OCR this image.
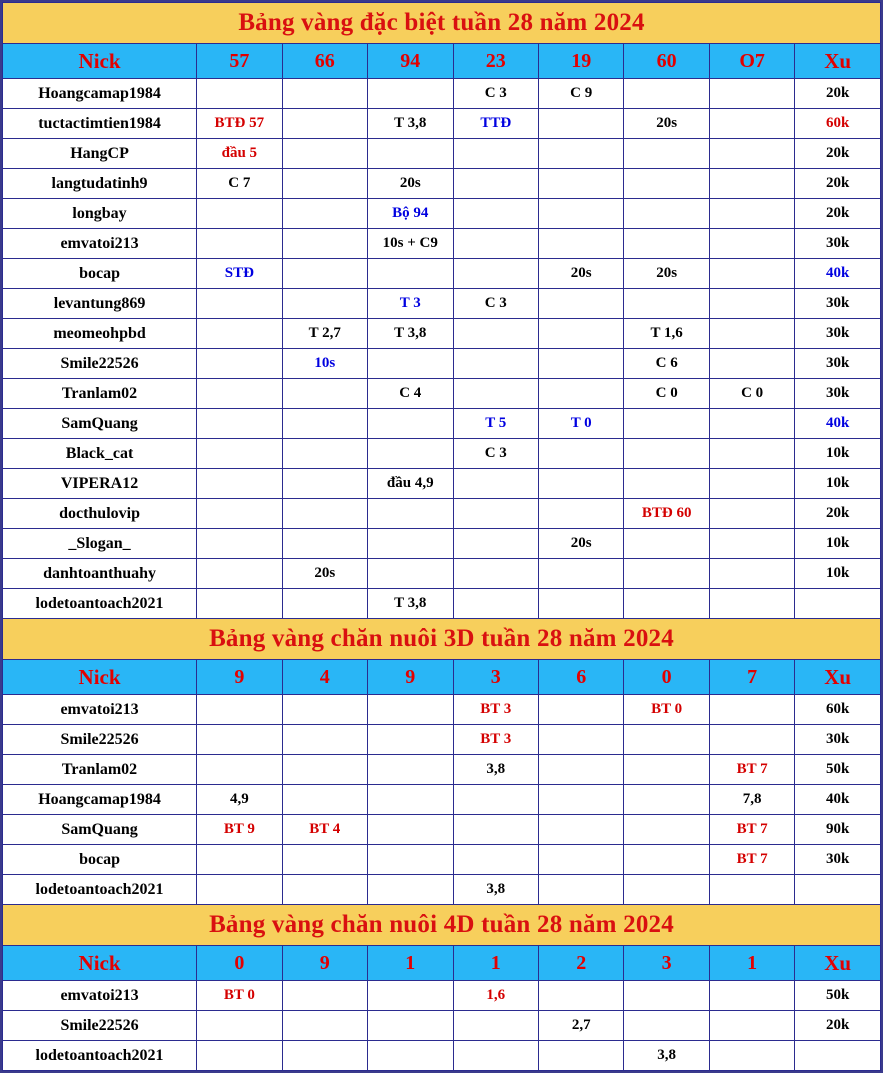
Bảng vàng đặc biệt tuần 28 năm 2024								
Nick	57	66	94	23	19	60	O7	Xu
Hoangcamap1984				C 3	C 9			20k
tuctactimtien1984	BTĐ 57		T 3,8	TTĐ		20s		60k
HangCP	đầu 5							20k
langtudatinh9	C 7		20s					20k
longbay			Bộ 94					20k
emvatoi213			10s + C9					30k
bocap	STĐ				20s	20s		40k
levantung869			T 3	C 3				30k
meomeohpbd		T 2,7	T 3,8			T 1,6		30k
Smile22526		10s				C 6		30k
Tranlam02			C 4			C 0	C 0	30k
SamQuang				T 5	T 0			40k
Black_cat				C 3				10k
VIPERA12			đầu 4,9					10k
docthulovip						BTĐ 60		20k
_Slogan_					20s			10k
danhtoanthuahy		20s						10k
lodetoantoach2021			T 3,8					
Bảng vàng chăn nuôi 3D tuần 28 năm 2024								
Nick	9	4	9	3	6	0	7	Xu
emvatoi213				BT 3		BT 0		60k
Smile22526				BT 3				30k
Tranlam02				3,8			BT 7	50k
Hoangcamap1984	4,9						7,8	40k
SamQuang	BT 9	BT 4					BT 7	90k
bocap							BT 7	30k
lodetoantoach2021				3,8				
Bảng vàng chăn nuôi 4D tuần 28 năm 2024								
Nick	0	9	1	1	2	3	1	Xu
emvatoi213	BT 0			1,6				50k
Smile22526					2,7			20k
lodetoantoach2021						3,8		
